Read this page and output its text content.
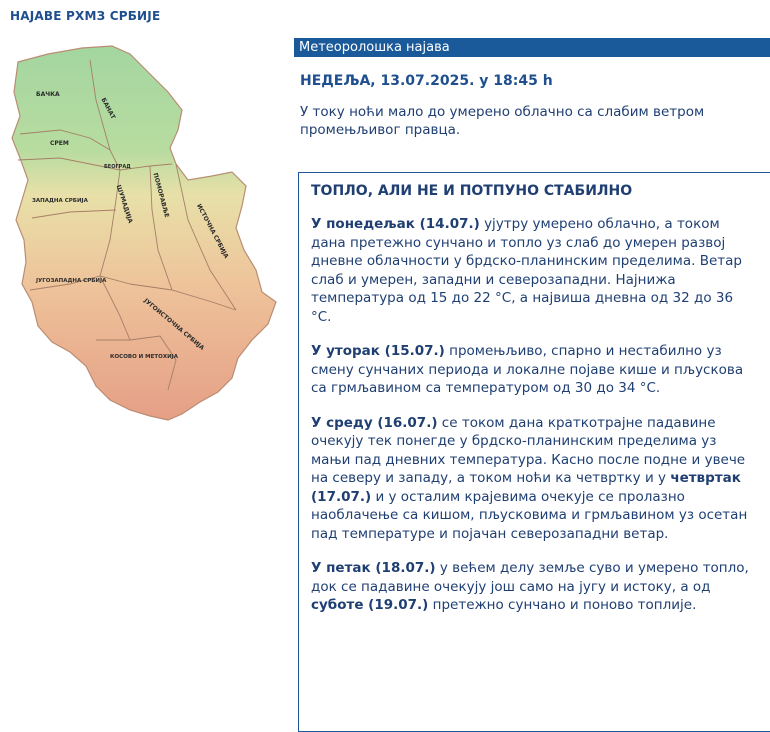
НАЈАВЕ РХМЗ СРБИЈЕ
БАЧКА
БАНАТ
СРЕМ
БЕОГРАД
ЗАПАДНА СРБИЈА	ШУМАДИЈА	ПОМОРАВЉЕ
ИСТОЧНА СРБИЈА
ЈУГОЗАПАДНА СРБИЈА
ЈУГОИСТОЧНА СРБИЈА
КОСОВО И МЕТОХИЈА
Метеоролошка најава
НЕДЕЉА, 13.07.2025. у 18:45 h
У току ноћи мало до умерено облачно са слабим ветром промењљивог правца.
ТОПЛО, АЛИ НЕ И ПОТПУНО СТАБИЛНО

У понедељак (14.07.) ујутру умерено облачно, а током дана претежно сунчано и топло уз слаб до умерен развој дневне облачности у брдско-планинским пределима. Ветар слаб и умерен, западни и северозападни. Најнижа температура од 15 до 22 °C, а највиша дневна од 32 до 36 °C.

У уторак (15.07.) промењљиво, спарно и нестабилно уз смену сунчаних периода и локалне појаве кише и пљускова са грмљавином са температуром од 30 до 34 °C.

У среду (16.07.) се током дана краткотрајне падавине очекују тек понегде у брдско-планинским пределима уз мањи пад дневних температура. Касно после подне и увече на северу и западу, а током ноћи ка четвртку и у четвртак (17.07.) и у осталим крајевима очекује се пролазно наоблачење са кишом, пљусковима и грмљавином уз осетан пад температуре и појачан северозападни ветар.

У петак (18.07.) у већем делу земље суво и умерено топло, док се падавине очекују још само на југу и истоку, а од суботе (19.07.) претежно сунчано и поново топлије.
